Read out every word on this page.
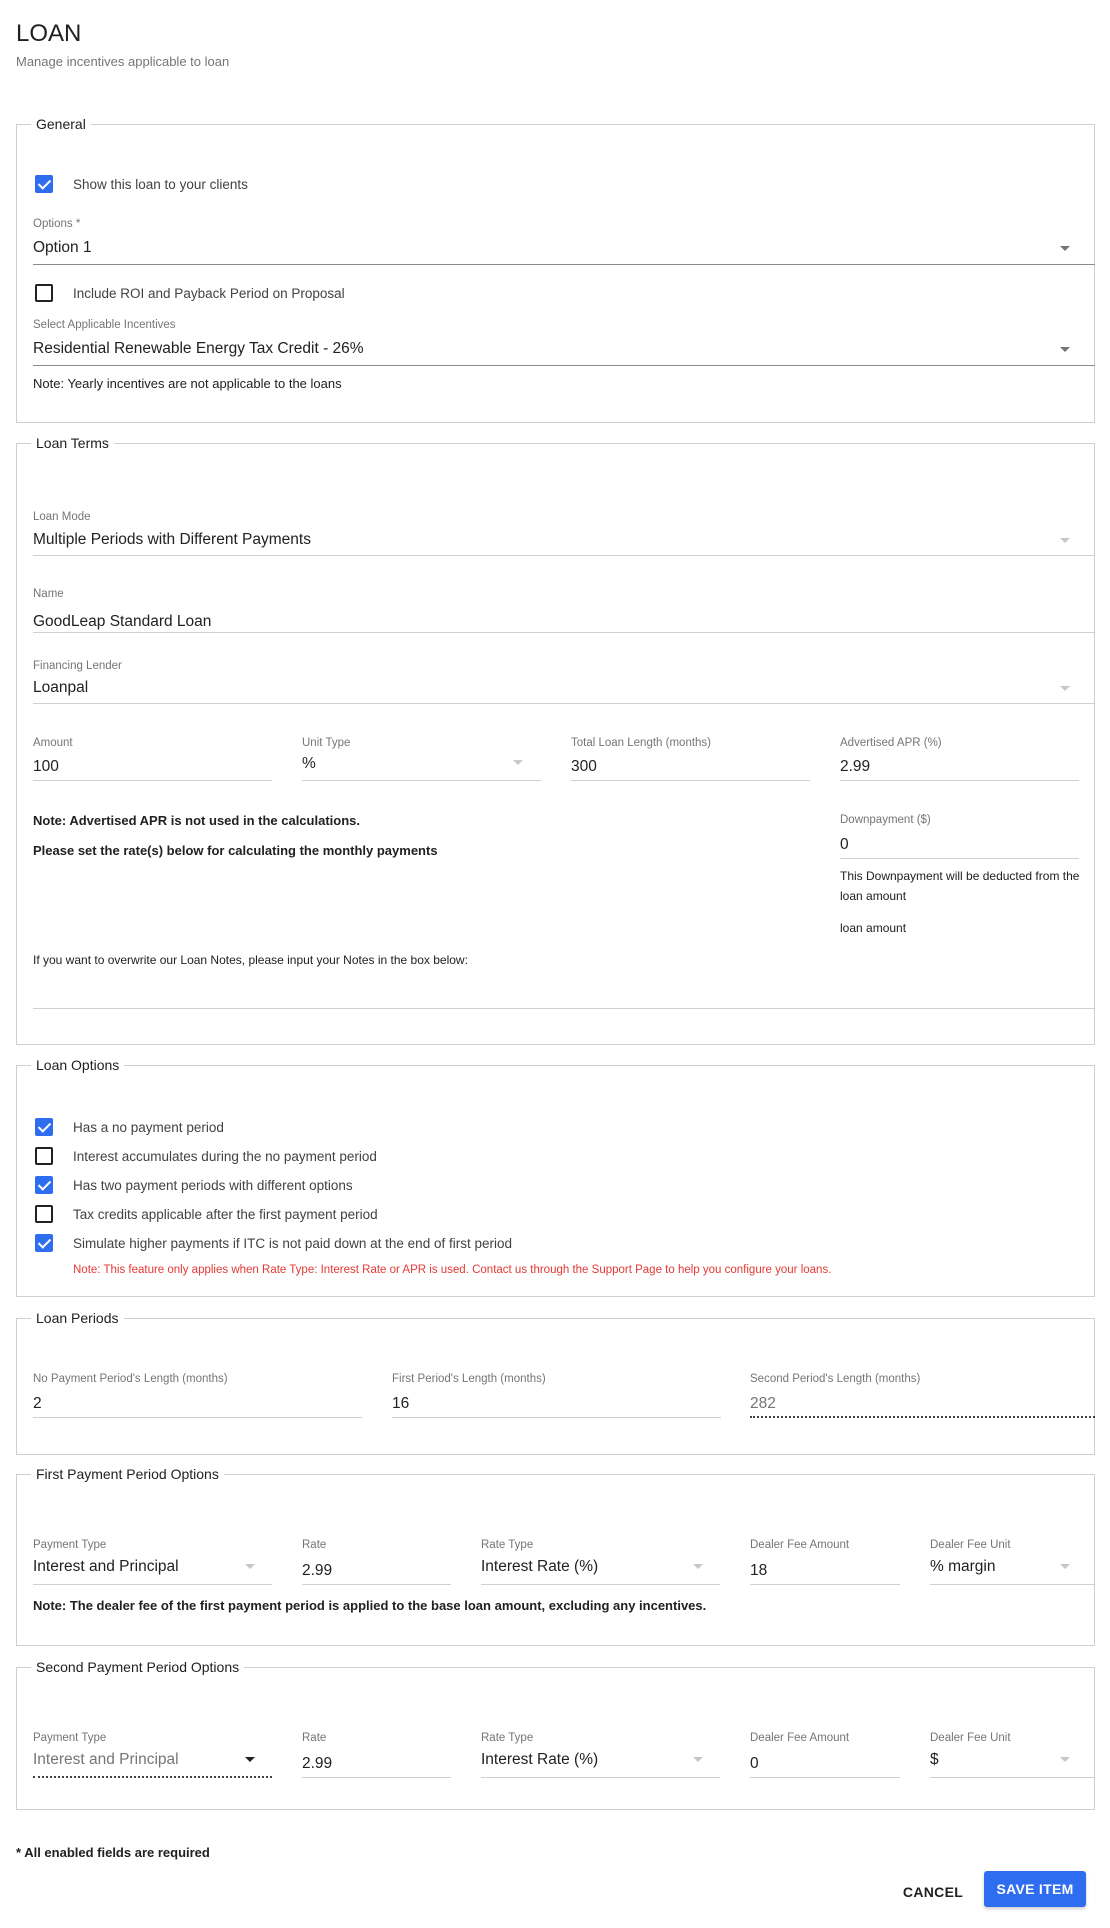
LOAN
Manage incentives applicable to loan
General
Show this loan to your clients
Options *
Option 1
Include ROI and Payback Period on Proposal
Select Applicable Incentives
Residential Renewable Energy Tax Credit - 26%
Note: Yearly incentives are not applicable to the loans
Loan Terms
Loan Mode
Multiple Periods with Different Payments
Name
GoodLeap Standard Loan
Financing Lender
Loanpal
Amount
100
Unit Type
%
Total Loan Length (months)
300
Advertised APR (%)
2.99
Note: Advertised APR is not used in the calculations.
Please set the rate(s) below for calculating the monthly payments
Downpayment ($)
0
This Downpayment will be deducted from the
loan amount
loan amount
If you want to overwrite our Loan Notes, please input your Notes in the box below:
Loan Options
Has a no payment period
Interest accumulates during the no payment period
Has two payment periods with different options
Tax credits applicable after the first payment period
Simulate higher payments if ITC is not paid down at the end of first period
Note: This feature only applies when Rate Type: Interest Rate or APR is used. Contact us through the Support Page to help you configure your loans.
Loan Periods
No Payment Period's Length (months)
2
First Period's Length (months)
16
Second Period's Length (months)
282
First Payment Period Options
Payment Type
Interest and Principal
Rate
2.99
Rate Type
Interest Rate (%)
Dealer Fee Amount
18
Dealer Fee Unit
% margin
Note: The dealer fee of the first payment period is applied to the base loan amount, excluding any incentives.
Second Payment Period Options
Payment Type
Interest and Principal
Rate
2.99
Rate Type
Interest Rate (%)
Dealer Fee Amount
0
Dealer Fee Unit
$
* All enabled fields are required
CANCEL	SAVE ITEM
